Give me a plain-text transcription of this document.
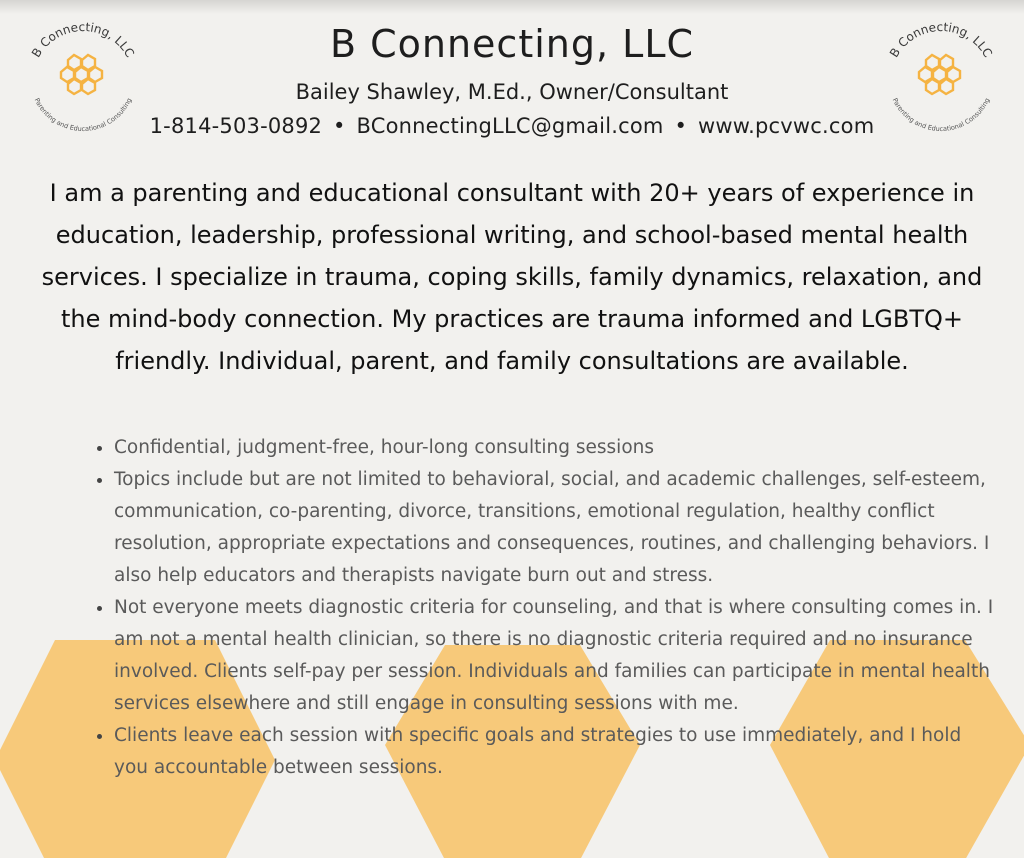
B Connecting, LLC
Parenting and Educational Consulting
B Connecting, LLC
Parenting and Educational Consulting
B Connecting, LLC
Bailey Shawley, M.Ed., Owner/Consultant
1-814-503-0892 • BConnectingLLC@gmail.com • www.pcvwc.com
I am a parenting and educational consultant with 20+ years of experience in education, leadership, professional writing, and school-based mental health services. I specialize in trauma, coping skills, family dynamics, relaxation, and the mind-body connection. My practices are trauma informed and LGBTQ+ friendly. Individual, parent, and family consultations are available.
• Confidential, judgment-free, hour-long consulting sessions
• Topics include but are not limited to behavioral, social, and academic challenges, self-esteem, communication, co-parenting, divorce, transitions, emotional regulation, healthy conflict resolution, appropriate expectations and consequences, routines, and challenging behaviors. I also help educators and therapists navigate burn out and stress.
• Not everyone meets diagnostic criteria for counseling, and that is where consulting comes in. I am not a mental health clinician, so there is no diagnostic criteria required and no insurance involved. Clients self-pay per session. Individuals and families can participate in mental health services elsewhere and still engage in consulting sessions with me.
• Clients leave each session with specific goals and strategies to use immediately, and I hold you accountable between sessions.
